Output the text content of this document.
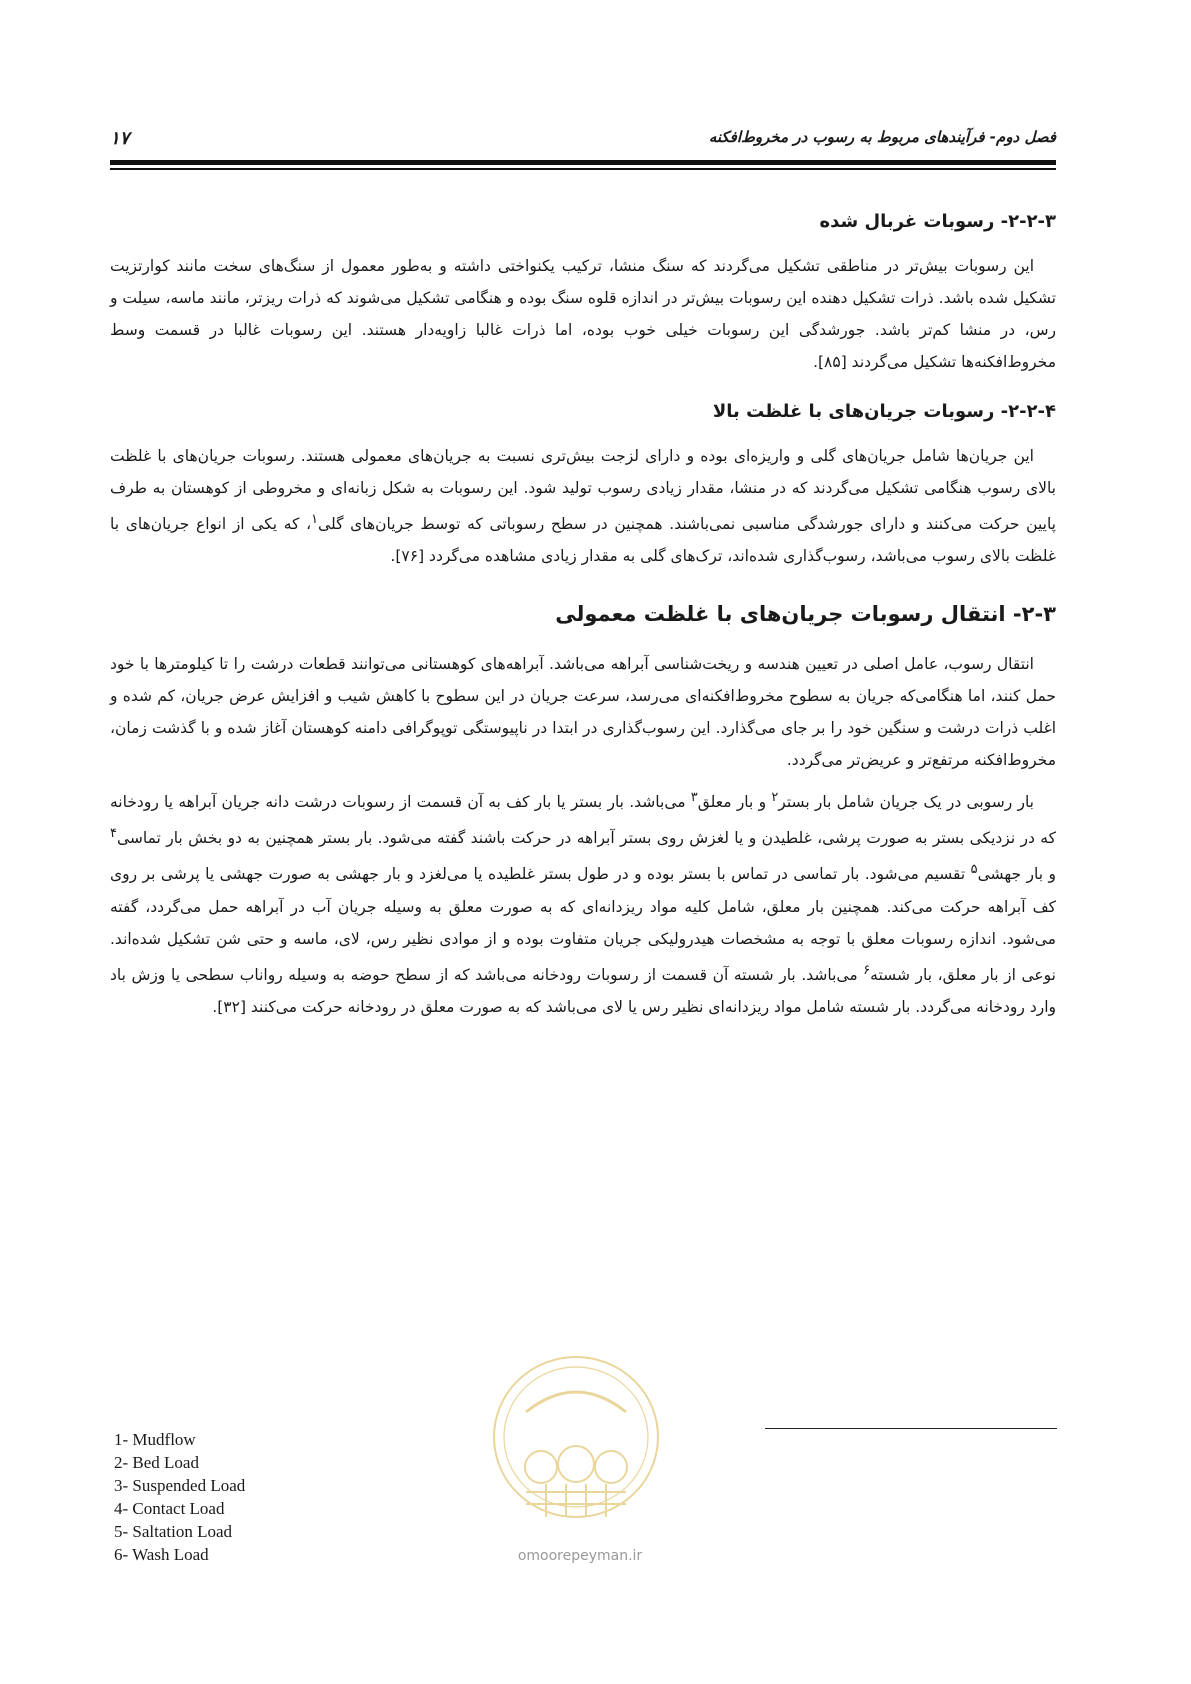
فصل دوم- فرآیندهای مربوط به رسوب در مخروط‌افکنه
۱۷
۲-۲-۳- رسوبات غربال شده

این رسوبات بیش‌تر در مناطقی تشکیل می‌گردند که سنگ منشا، ترکیب یکنواختی داشته و به‌طور معمول از سنگ‌های سخت مانند کوارتزیت تشکیل شده باشد. ذرات تشکیل دهنده این رسوبات بیش‌تر در اندازه قلوه سنگ بوده و هنگامی تشکیل می‌شوند که ذرات ریزتر، مانند ماسه، سیلت و رس، در منشا کم‌تر باشد. جورشدگی این رسوبات خیلی خوب بوده، اما ذرات غالبا زاویه‌دار هستند. این رسوبات غالبا در قسمت وسط مخروط‌افکنه‌ها تشکیل می‌گردند [۸۵].

۲-۲-۴- رسوبات جریان‌های با غلظت بالا

این جریان‌ها شامل جریان‌های گلی و واریزه‌ای بوده و دارای لزجت بیش‌تری نسبت به جریان‌های معمولی هستند. رسوبات جریان‌های با غلظت بالای رسوب هنگامی تشکیل می‌گردند که در منشا، مقدار زیادی رسوب تولید شود. این رسوبات به شکل زبانه‌ای و مخروطی از کوهستان به طرف پایین حرکت می‌کنند و دارای جورشدگی مناسبی نمی‌باشند. همچنین در سطح رسوباتی که توسط جریان‌های گلی$^۱$، که یکی از انواع جریان‌های با غلظت بالای رسوب می‌باشد، رسوب‌گذاری شده‌اند، ترک‌های گلی به مقدار زیادی مشاهده می‌گردد [۷۶].

۲-۳- انتقال رسوبات جریان‌های با غلظت معمولی

انتقال رسوب، عامل اصلی در تعیین هندسه و ریخت‌شناسی آبراهه می‌باشد. آبراهه‌های کوهستانی می‌توانند قطعات درشت را تا کیلومترها با خود حمل کنند، اما هنگامی‌که جریان به سطوح مخروط‌افکنه‌ای می‌رسد، سرعت جریان در این سطوح با کاهش شیب و افزایش عرض جریان، کم شده و اغلب ذرات درشت و سنگین خود را بر جای می‌گذارد. این رسوب‌گذاری در ابتدا در ناپیوستگی توپوگرافی دامنه کوهستان آغاز شده و با گذشت زمان، مخروط‌افکنه مرتفع‌تر و عریض‌تر می‌گردد.

بار رسوبی در یک جریان شامل بار بستر$^۲$ و بار معلق$^۳$ می‌باشد. بار بستر یا بار کف به آن قسمت از رسوبات درشت دانه جریان آبراهه یا رودخانه که در نزدیکی بستر به صورت پرشی، غلطیدن و یا لغزش روی بستر آبراهه در حرکت باشند گفته می‌شود. بار بستر همچنین به دو بخش بار تماسی$^۴$ و بار جهشی$^۵$ تقسیم می‌شود. بار تماسی در تماس با بستر بوده و در طول بستر غلطیده یا می‌لغزد و بار جهشی به صورت جهشی یا پرشی بر روی کف آبراهه حرکت می‌کند. همچنین بار معلق، شامل کلیه مواد ریزدانه‌ای که به صورت معلق به وسیله جریان آب در آبراهه حمل می‌گردد، گفته می‌شود. اندازه رسوبات معلق با توجه به مشخصات هیدرولیکی جریان متفاوت بوده و از موادی نظیر رس، لای، ماسه و حتی شن تشکیل شده‌اند. نوعی از بار معلق، بار شسته$^۶$ می‌باشد. بار شسته آن قسمت از رسوبات رودخانه می‌باشد که از سطح حوضه به وسیله رواناب سطحی یا وزش باد وارد رودخانه می‌گردد. بار شسته شامل مواد ریزدانه‌ای نظیر رس یا لای می‌باشد که به صورت معلق در رودخانه حرکت می‌کنند [۳۲].

1- Mudflow
2- Bed Load
3- Suspended Load
4- Contact Load
5- Saltation Load
6- Wash Load	omoorepeyman.ir
